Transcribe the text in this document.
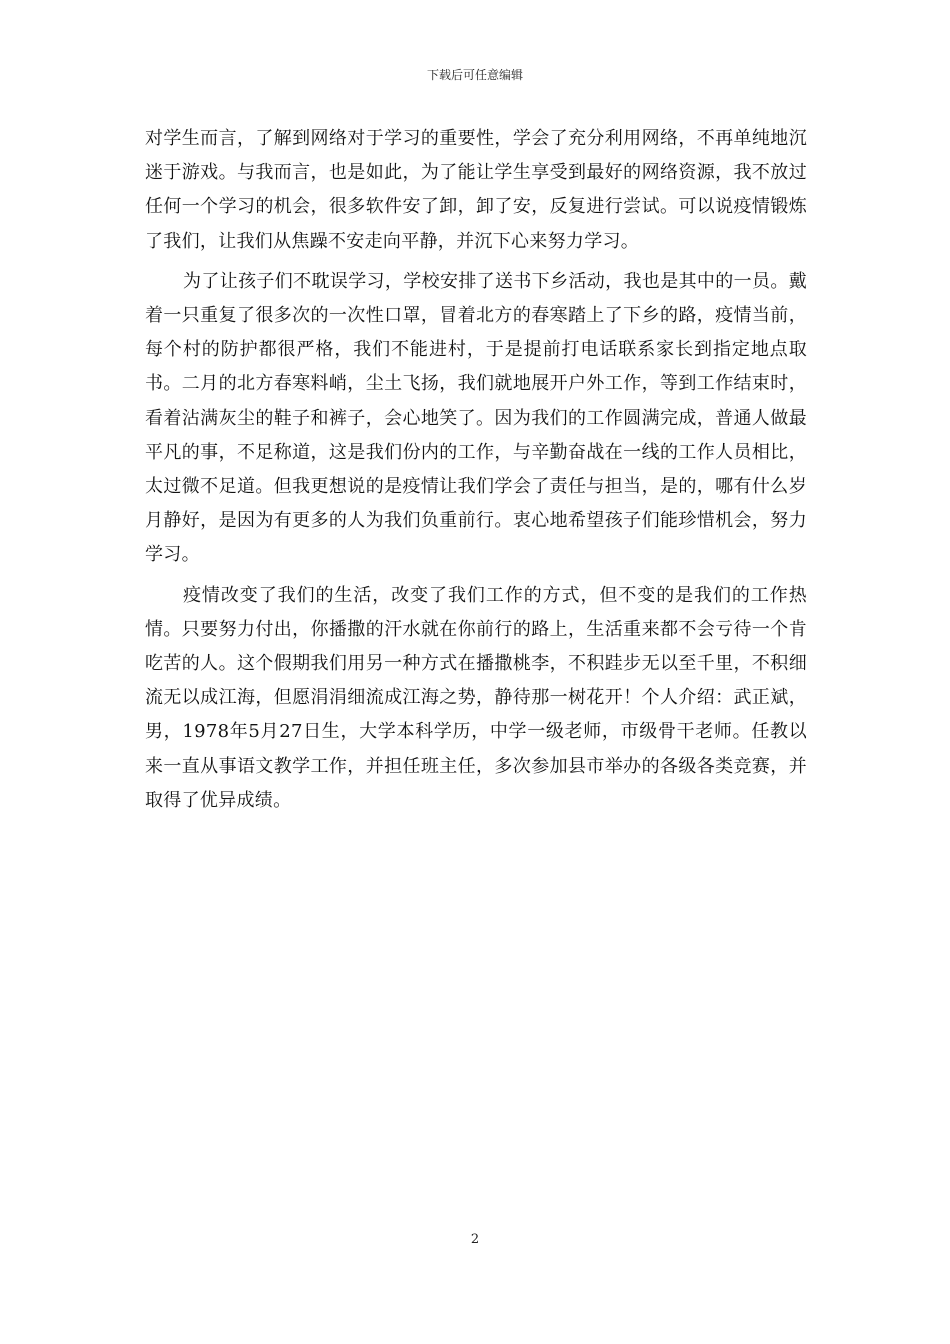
下载后可任意编辑

对学生而言，了解到网络对于学习的重要性，学会了充分利用网络，不再单纯地沉迷于游戏。与我而言，也是如此，为了能让学生享受到最好的网络资源，我不放过任何一个学习的机会，很多软件安了卸，卸了安，反复进行尝试。可以说疫情锻炼了我们，让我们从焦躁不安走向平静，并沉下心来努力学习。

为了让孩子们不耽误学习，学校安排了送书下乡活动，我也是其中的一员。戴着一只重复了很多次的一次性口罩，冒着北方的春寒踏上了下乡的路，疫情当前，每个村的防护都很严格，我们不能进村，于是提前打电话联系家长到指定地点取书。二月的北方春寒料峭，尘土飞扬，我们就地展开户外工作，等到工作结束时，看着沾满灰尘的鞋子和裤子，会心地笑了。因为我们的工作圆满完成，普通人做最平凡的事，不足称道，这是我们份内的工作，与辛勤奋战在一线的工作人员相比，太过微不足道。但我更想说的是疫情让我们学会了责任与担当，是的，哪有什么岁月静好，是因为有更多的人为我们负重前行。衷心地希望孩子们能珍惜机会，努力学习。

疫情改变了我们的生活，改变了我们工作的方式，但不变的是我们的工作热情。只要努力付出，你播撒的汗水就在你前行的路上，生活重来都不会亏待一个肯吃苦的人。这个假期我们用另一种方式在播撒桃李，不积跬步无以至千里，不积细流无以成江海，但愿涓涓细流成江海之势，静待那一树花开！个人介绍：武正斌，男，1978年5月27日生，大学本科学历，中学一级老师，市级骨干老师。任教以来一直从事语文教学工作，并担任班主任，多次参加县市举办的各级各类竞赛，并取得了优异成绩。

2
